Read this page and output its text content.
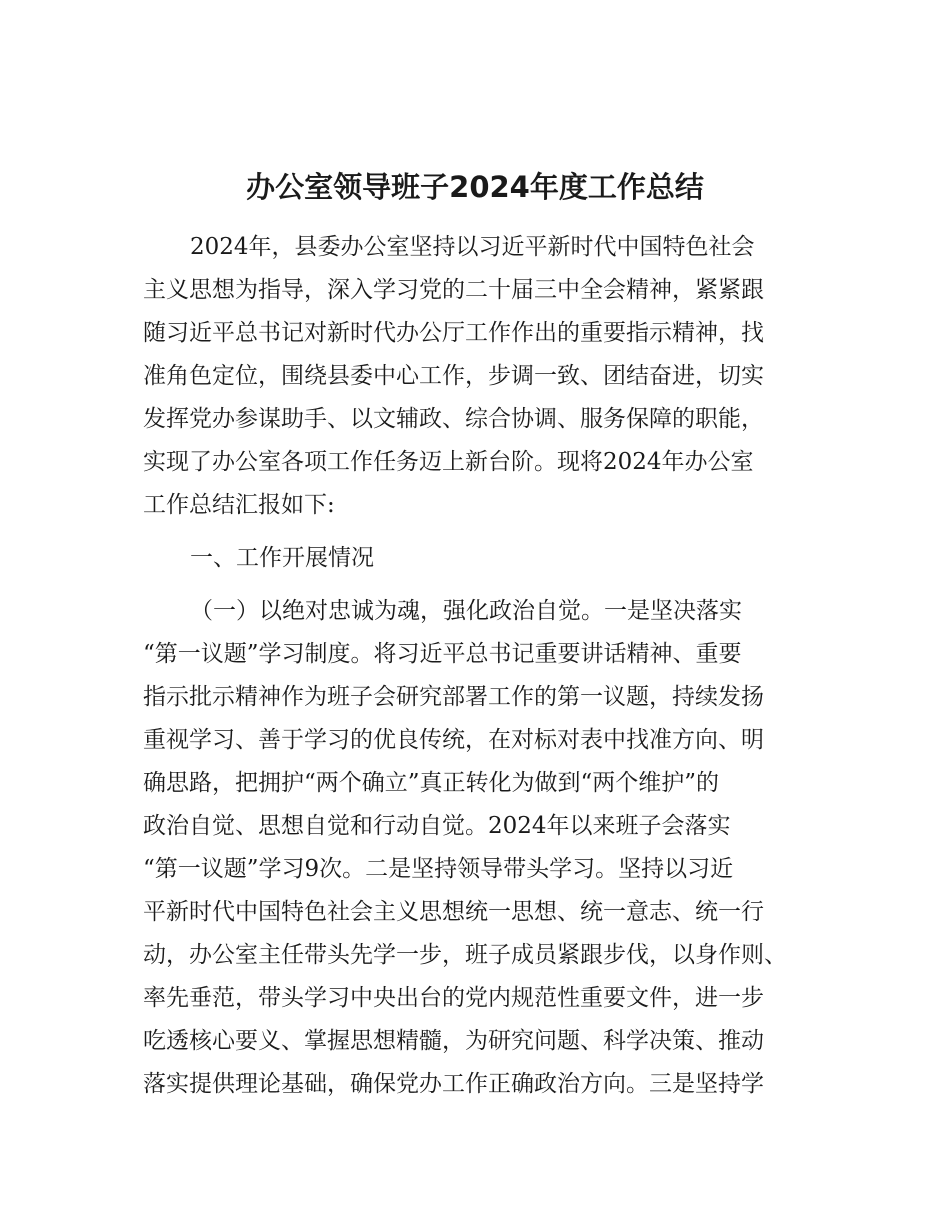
办公室领导班子2024年度工作总结
2024年，县委办公室坚持以习近平新时代中国特色社会
主义思想为指导，深入学习党的二十届三中全会精神，紧紧跟
随习近平总书记对新时代办公厅工作作出的重要指示精神，找
准角色定位，围绕县委中心工作，步调一致、团结奋进，切实
发挥党办参谋助手、以文辅政、综合协调、服务保障的职能，
实现了办公室各项工作任务迈上新台阶。现将2024年办公室
工作总结汇报如下:
一、工作开展情况
（一）以绝对忠诚为魂，强化政治自觉。一是坚决落实
“第一议题”学习制度。将习近平总书记重要讲话精神、重要
指示批示精神作为班子会研究部署工作的第一议题，持续发扬
重视学习、善于学习的优良传统，在对标对表中找准方向、明
确思路，把拥护“两个确立”真正转化为做到“两个维护”的
政治自觉、思想自觉和行动自觉。2024年以来班子会落实
“第一议题”学习9次。二是坚持领导带头学习。坚持以习近
平新时代中国特色社会主义思想统一思想、统一意志、统一行
动，办公室主任带头先学一步，班子成员紧跟步伐，以身作则、
率先垂范，带头学习中央出台的党内规范性重要文件，进一步
吃透核心要义、掌握思想精髓，为研究问题、科学决策、推动
落实提供理论基础，确保党办工作正确政治方向。三是坚持学
